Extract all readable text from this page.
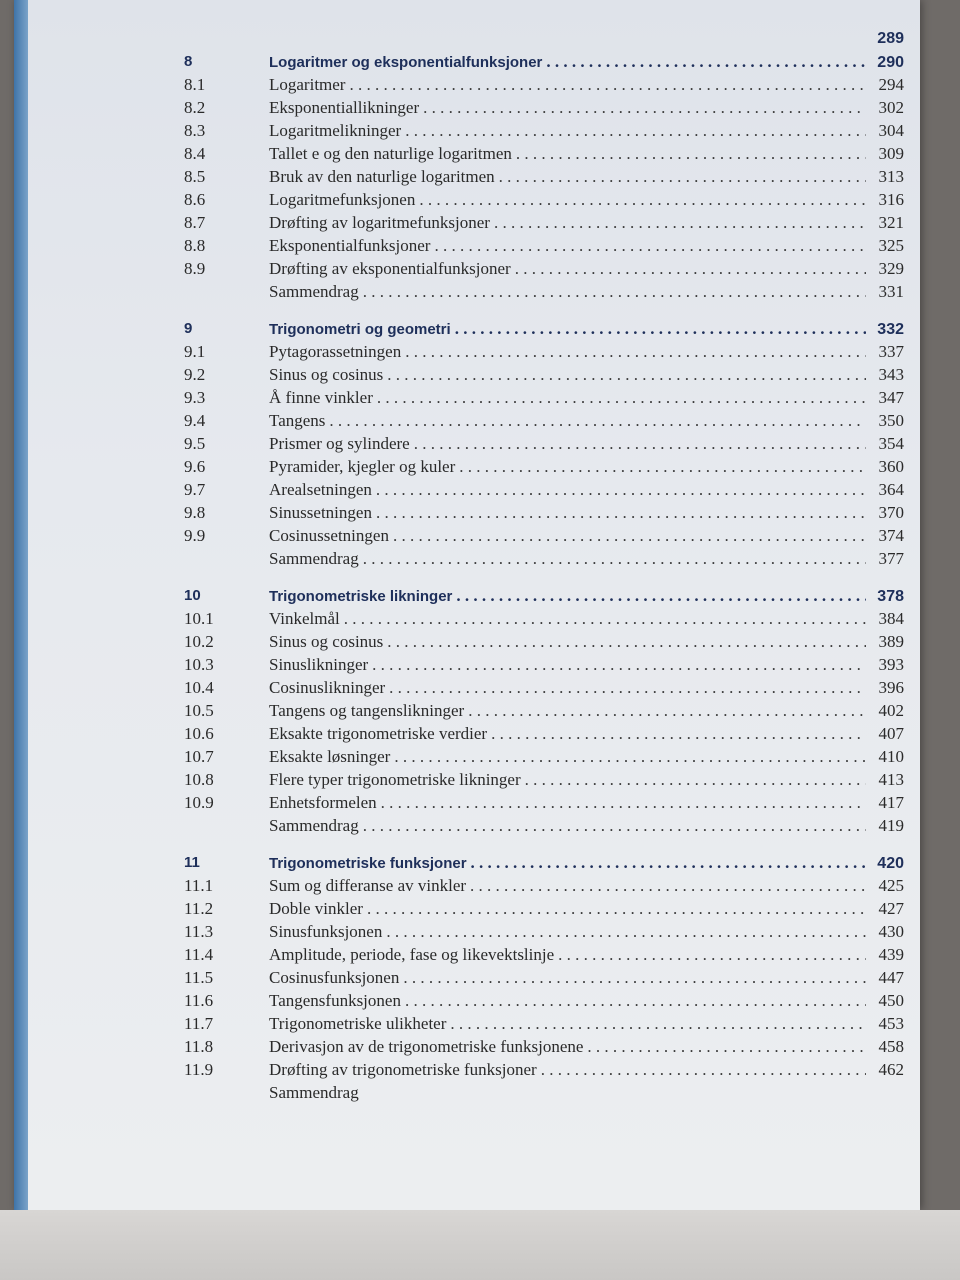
289
8	Logaritmer og eksponentialfunksjoner . . .	290
8.1	Logaritmer . . .	294
8.2	Eksponentiallikninger . . .	302
8.3	Logaritmelikninger . . .	304
8.4	Tallet e og den naturlige logaritmen . . .	309
8.5	Bruk av den naturlige logaritmen . . .	313
8.6	Logaritmefunksjonen . . .	316
8.7	Drøfting av logaritmefunksjoner . . .	321
8.8	Eksponentialfunksjoner . . .	325
8.9	Drøfting av eksponentialfunksjoner . . .	329
Sammendrag . . .	331
9	Trigonometri og geometri . . .	332
9.1	Pytagorassetningen . . .	337
9.2	Sinus og cosinus . . .	343
9.3	Å finne vinkler . . .	347
9.4	Tangens . . .	350
9.5	Prismer og sylindere . . .	354
9.6	Pyramider, kjegler og kuler . . .	360
9.7	Arealsetningen . . .	364
9.8	Sinussetningen . . .	370
9.9	Cosinussetningen . . .	374
Sammendrag . . .	377
10	Trigonometriske likninger . . .	378
10.1	Vinkelmål . . .	384
10.2	Sinus og cosinus . . .	389
10.3	Sinuslikninger . . .	393
10.4	Cosinuslikninger . . .	396
10.5	Tangens og tangenslikninger . . .	402
10.6	Eksakte trigonometriske verdier . . .	407
10.7	Eksakte løsninger . . .	410
10.8	Flere typer trigonometriske likninger . . .	413
10.9	Enhetsformelen . . .	417
Sammendrag . . .	419
11	Trigonometriske funksjoner . . .	420
11.1	Sum og differanse av vinkler . . .	425
11.2	Doble vinkler . . .	427
11.3	Sinusfunksjonen . . .	430
11.4	Amplitude, periode, fase og likevektslinje . . .	439
11.5	Cosinusfunksjonen . . .	447
11.6	Tangensfunksjonen . . .	450
11.7	Trigonometriske ulikheter . . .	453
11.8	Derivasjon av de trigonometriske funksjonene . . .	458
11.9	Drøfting av trigonometriske funksjoner . . .	462
Sammendrag
